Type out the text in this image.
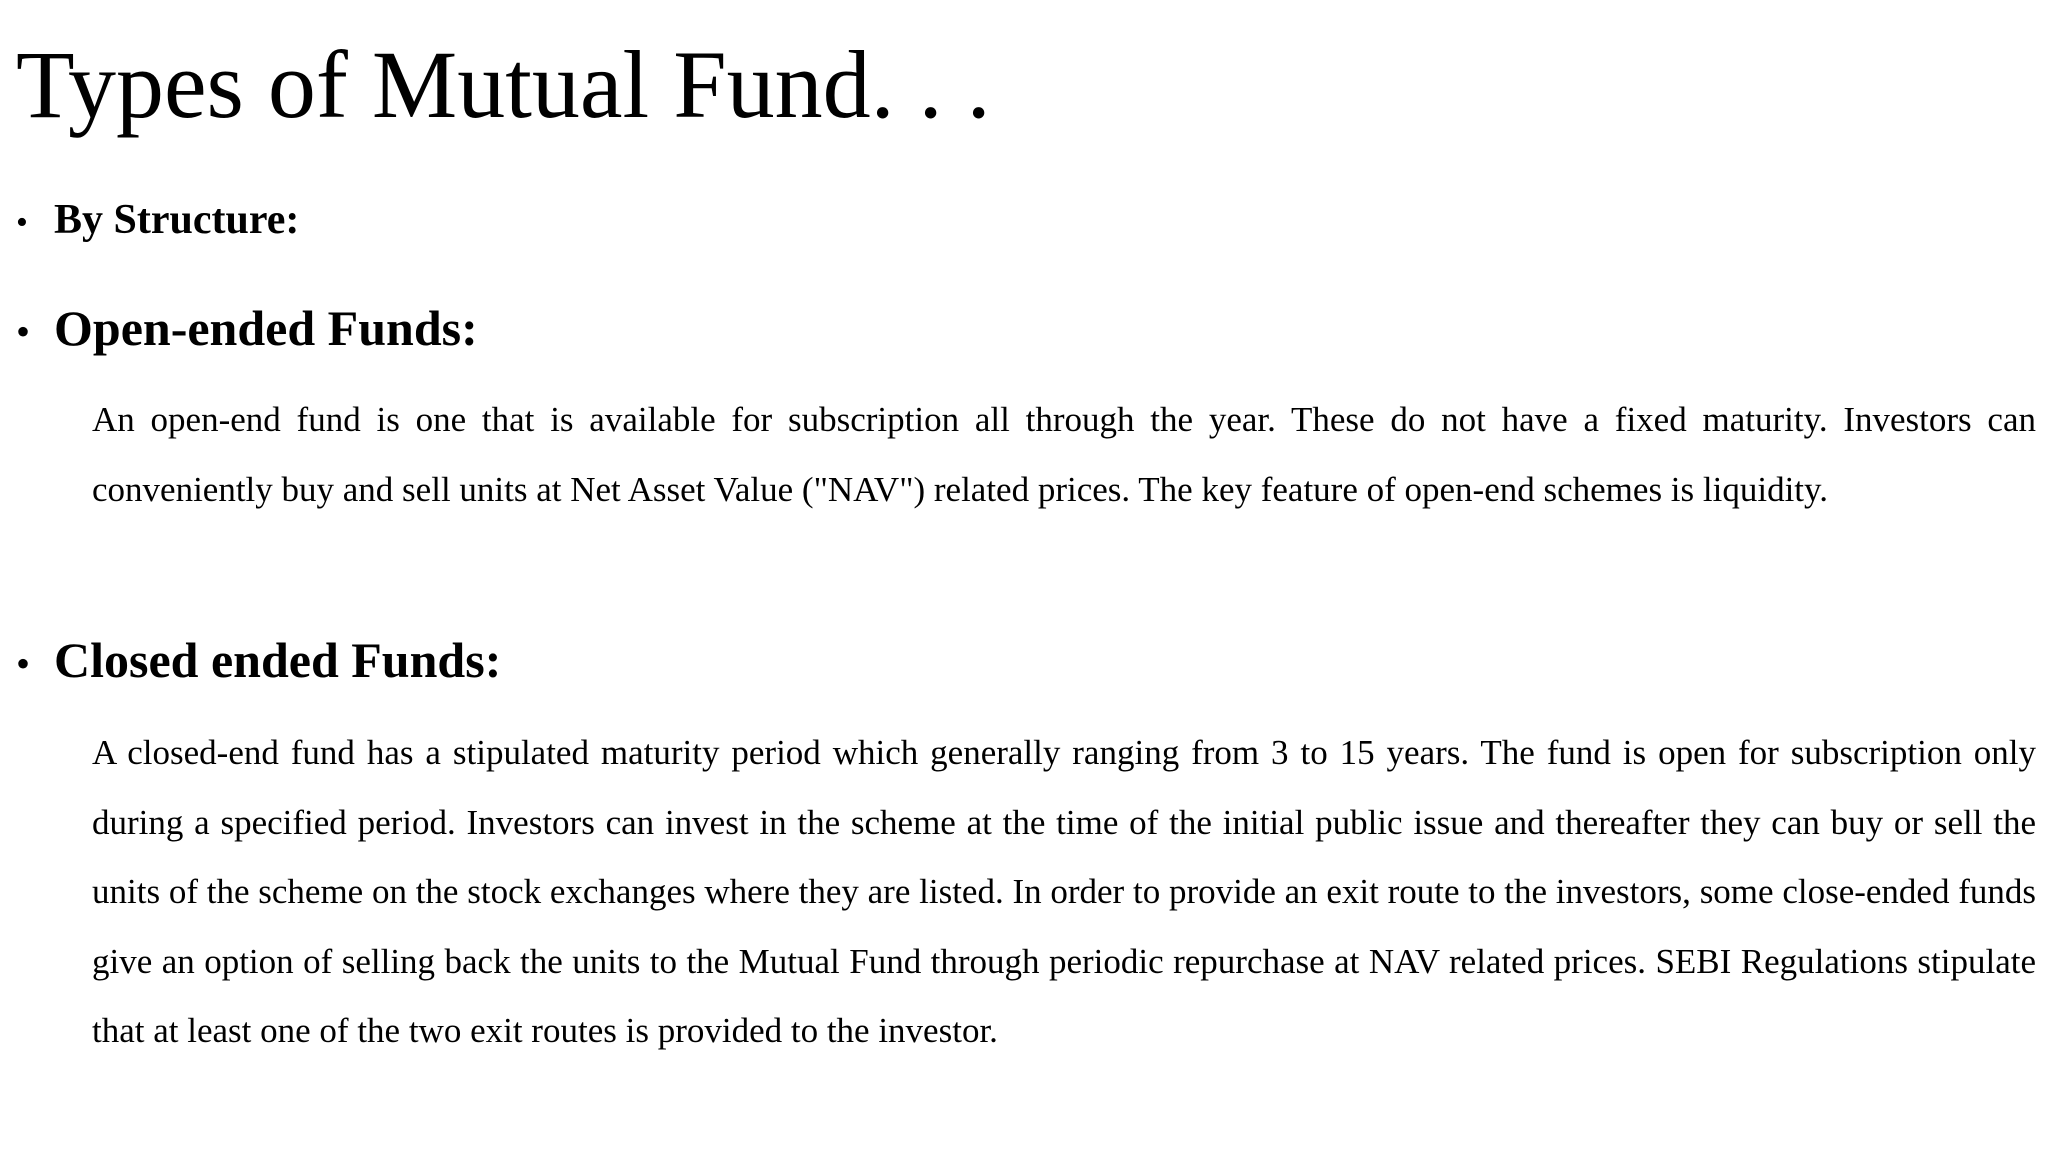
Types of Mutual Fund. . .
• By Structure:
• Open-ended Funds:

An open-end fund is one that is available for subscription all through the year. These do not have a fixed maturity. Investors can conveniently buy and sell units at Net Asset Value ("NAV") related prices. The key feature of open-end schemes is liquidity.

• Closed ended Funds:

A closed-end fund has a stipulated maturity period which generally ranging from 3 to 15 years. The fund is open for subscription only during a specified period. Investors can invest in the scheme at the time of the initial public issue and thereafter they can buy or sell the units of the scheme on the stock exchanges where they are listed. In order to provide an exit route to the investors, some close-ended funds give an option of selling back the units to the Mutual Fund through periodic repurchase at NAV related prices. SEBI Regulations stipulate that at least one of the two exit routes is provided to the investor.
